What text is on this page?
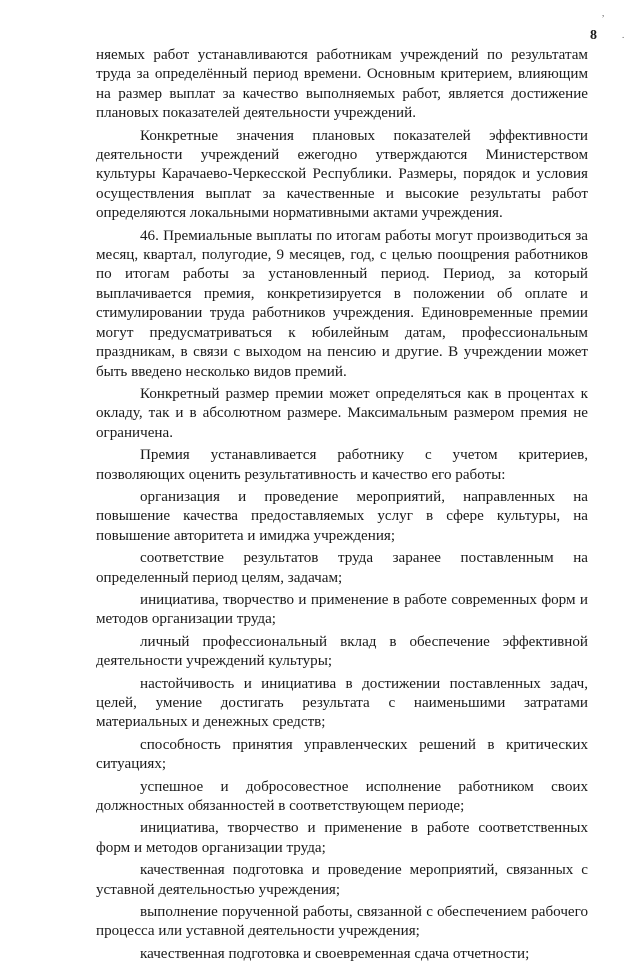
8
,
.

няемых работ устанавливаются работникам учреждений по результатам труда за определённый период времени. Основным критерием, влияющим на размер выплат за качество выполняемых работ, является достижение плановых показателей деятельности учреждений.

Конкретные значения плановых показателей эффективности деятельности учреждений ежегодно утверждаются Министерством культуры Карачаево-Черкесской Республики. Размеры, порядок и условия осуществления выплат за качественные и высокие результаты работ определяются локальными нормативными актами учреждения.

46. Премиальные выплаты по итогам работы могут производиться за месяц, квартал, полугодие, 9 месяцев, год, с целью поощрения работников по итогам работы за установленный период. Период, за который выплачивается премия, конкретизируется в положении об оплате и стимулировании труда работников учреждения. Единовременные премии могут предусматриваться к юбилейным датам, профессиональным праздникам, в связи с выходом на пенсию и другие. В учреждении может быть введено несколько видов премий.

Конкретный размер премии может определяться как в процентах к окладу, так и в абсолютном размере. Максимальным размером премия не ограничена.

Премия устанавливается работнику с учетом критериев, позволяющих оценить результативность и качество его работы:

организация и проведение мероприятий, направленных на повышение качества предоставляемых услуг в сфере культуры, на повышение авторитета и имиджа учреждения;

соответствие результатов труда заранее поставленным на определенный период целям, задачам;

инициатива, творчество и применение в работе современных форм и методов организации труда;

личный профессиональный вклад в обеспечение эффективной деятельности учреждений культуры;

настойчивость и инициатива в достижении поставленных задач, целей, умение достигать результата с наименьшими затратами материальных и денежных средств;

способность принятия управленческих решений в критических ситуациях;

успешное и добросовестное исполнение работником своих должностных обязанностей в соответствующем периоде;

инициатива, творчество и применение в работе соответственных форм и методов организации труда;

качественная подготовка и проведение мероприятий, связанных с уставной деятельностью учреждения;

выполнение порученной работы, связанной с обеспечением рабочего процесса или уставной деятельности учреждения;

качественная подготовка и своевременная сдача отчетности;
